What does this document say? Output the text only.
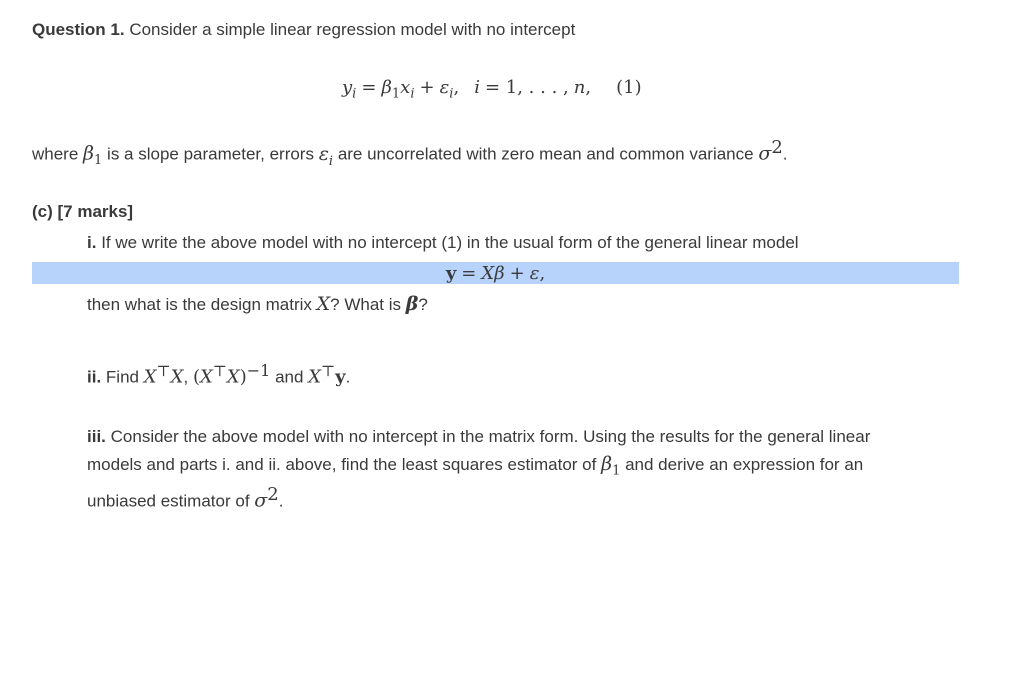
Question 1. Consider a simple linear regression model with no intercept
$y_i = \beta_1x_i + \varepsilon_i$, i = 1, . . . , n, (1)
where $\beta_1$ is a slope parameter, errors $\varepsilon_i$ are uncorrelated with zero mean and common variance $\sigma^2$.
(c) [7 marks]
i. If we write the above model with no intercept (1) in the usual form of the general linear model
y = Xβ + ε,
then what is the design matrix X? What is β?
ii. Find X⊤X, $(X^⊤X)^{-1}$ and X⊤y.
iii. Consider the above model with no intercept in the matrix form. Using the results for the general linear
models and parts i. and ii. above, find the least squares estimator of $\beta_1$ and derive an expression for an
unbiased estimator of $\sigma^2$.
